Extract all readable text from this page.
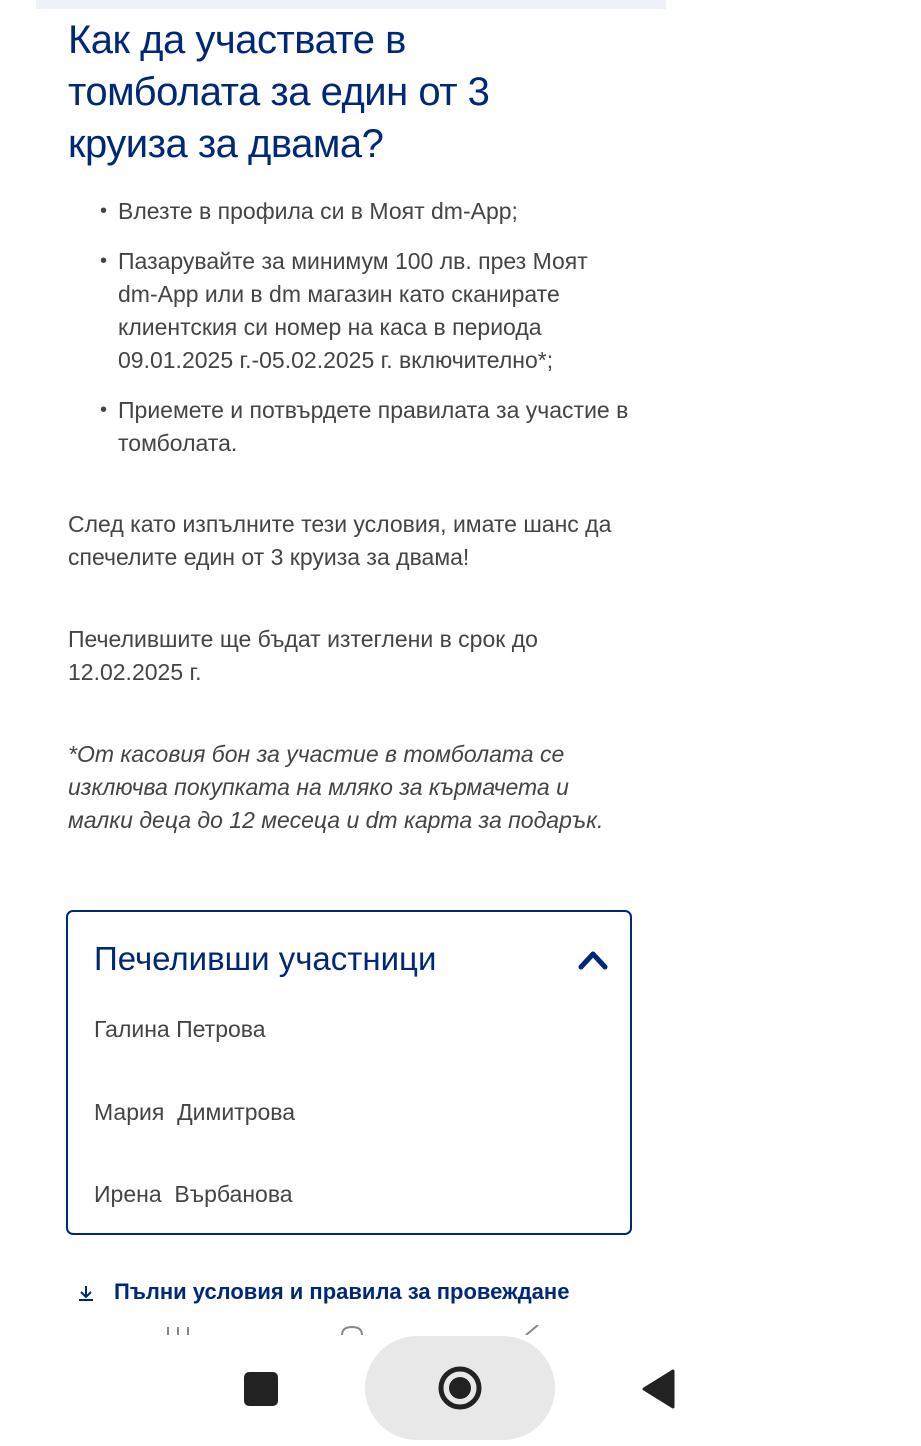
Как да участвате в томболата за един от 3 круиза за двама?
• Влезте в профила си в Моят dm-App;
• Пазарувайте за минимум 100 лв. през Моят dm-App или в dm магазин като сканирате клиентския си номер на каса в периода 09.01.2025 г.-05.02.2025 г. включително*;
• Приемете и потвърдете правилата за участие в томболата.

След като изпълните тези условия, имате шанс да спечелите един от 3 круиза за двама!

Печелившите ще бъдат изтеглени в срок до 12.02.2025 г.

*От касовия бон за участие в томболата се изключва покупката на мляко за кърмачета и малки деца до 12 месеца и dm карта за подарък.

Печеливши участници
Галина Петрова
Мария  Димитрова
Ирена  Върбанова
Пълни условия и правила за провеждане
